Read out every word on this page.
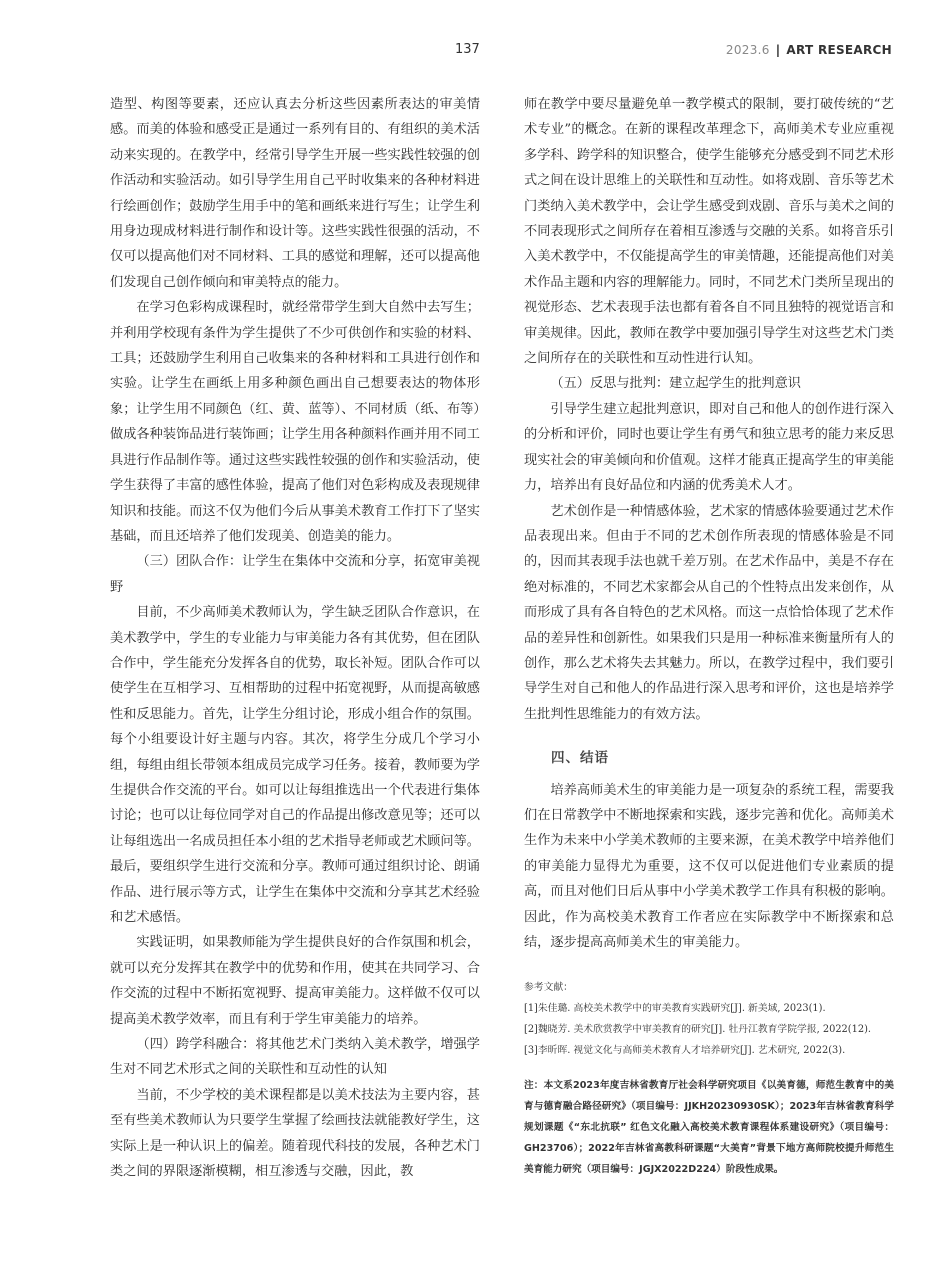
137	2023.6 | ART RESEARCH

造型、构图等要素，还应认真去分析这些因素所表达的审美情感。而美的体验和感受正是通过一系列有目的、有组织的美术活动来实现的。在教学中，经常引导学生开展一些实践性较强的创作活动和实验活动。如引导学生用自己平时收集来的各种材料进行绘画创作；鼓励学生用手中的笔和画纸来进行写生；让学生利用身边现成材料进行制作和设计等。这些实践性很强的活动，不仅可以提高他们对不同材料、工具的感觉和理解，还可以提高他们发现自己创作倾向和审美特点的能力。

在学习色彩构成课程时，就经常带学生到大自然中去写生；并利用学校现有条件为学生提供了不少可供创作和实验的材料、工具；还鼓励学生利用自己收集来的各种材料和工具进行创作和实验。让学生在画纸上用多种颜色画出自己想要表达的物体形象；让学生用不同颜色（红、黄、蓝等）、不同材质（纸、布等）做成各种装饰品进行装饰画；让学生用各种颜料作画并用不同工具进行作品制作等。通过这些实践性较强的创作和实验活动，使学生获得了丰富的感性体验，提高了他们对色彩构成及表现规律知识和技能。而这不仅为他们今后从事美术教育工作打下了坚实基础，而且还培养了他们发现美、创造美的能力。

（三）团队合作：让学生在集体中交流和分享，拓宽审美视野

目前，不少高师美术教师认为，学生缺乏团队合作意识，在美术教学中，学生的专业能力与审美能力各有其优势，但在团队合作中，学生能充分发挥各自的优势，取长补短。团队合作可以使学生在互相学习、互相帮助的过程中拓宽视野，从而提高敏感性和反思能力。首先，让学生分组讨论，形成小组合作的氛围。每个小组要设计好主题与内容。其次，将学生分成几个学习小组，每组由组长带领本组成员完成学习任务。接着，教师要为学生提供合作交流的平台。如可以让每组推选出一个代表进行集体讨论；也可以让每位同学对自己的作品提出修改意见等；还可以让每组选出一名成员担任本小组的艺术指导老师或艺术顾问等。最后，要组织学生进行交流和分享。教师可通过组织讨论、朗诵作品、进行展示等方式，让学生在集体中交流和分享其艺术经验和艺术感悟。

实践证明，如果教师能为学生提供良好的合作氛围和机会，就可以充分发挥其在教学中的优势和作用，使其在共同学习、合作交流的过程中不断拓宽视野、提高审美能力。这样做不仅可以提高美术教学效率，而且有利于学生审美能力的培养。

（四）跨学科融合：将其他艺术门类纳入美术教学，增强学生对不同艺术形式之间的关联性和互动性的认知

当前，不少学校的美术课程都是以美术技法为主要内容，甚至有些美术教师认为只要学生掌握了绘画技法就能教好学生，这实际上是一种认识上的偏差。随着现代科技的发展，各种艺术门类之间的界限逐渐模糊，相互渗透与交融，因此，教

师在教学中要尽量避免单一教学模式的限制，要打破传统的“艺术专业”的概念。在新的课程改革理念下，高师美术专业应重视多学科、跨学科的知识整合，使学生能够充分感受到不同艺术形式之间在设计思维上的关联性和互动性。如将戏剧、音乐等艺术门类纳入美术教学中，会让学生感受到戏剧、音乐与美术之间的不同表现形式之间所存在着相互渗透与交融的关系。如将音乐引入美术教学中，不仅能提高学生的审美情趣，还能提高他们对美术作品主题和内容的理解能力。同时，不同艺术门类所呈现出的视觉形态、艺术表现手法也都有着各自不同且独特的视觉语言和审美规律。因此，教师在教学中要加强引导学生对这些艺术门类之间所存在的关联性和互动性进行认知。

（五）反思与批判：建立起学生的批判意识

引导学生建立起批判意识，即对自己和他人的创作进行深入的分析和评价，同时也要让学生有勇气和独立思考的能力来反思现实社会的审美倾向和价值观。这样才能真正提高学生的审美能力，培养出有良好品位和内涵的优秀美术人才。

艺术创作是一种情感体验，艺术家的情感体验要通过艺术作品表现出来。但由于不同的艺术创作所表现的情感体验是不同的，因而其表现手法也就千差万别。在艺术作品中，美是不存在绝对标准的，不同艺术家都会从自己的个性特点出发来创作，从而形成了具有各自特色的艺术风格。而这一点恰恰体现了艺术作品的差异性和创新性。如果我们只是用一种标准来衡量所有人的创作，那么艺术将失去其魅力。所以，在教学过程中，我们要引导学生对自己和他人的作品进行深入思考和评价，这也是培养学生批判性思维能力的有效方法。

四、结语

培养高师美术生的审美能力是一项复杂的系统工程，需要我们在日常教学中不断地探索和实践，逐步完善和优化。高师美术生作为未来中小学美术教师的主要来源，在美术教学中培养他们的审美能力显得尤为重要，这不仅可以促进他们专业素质的提高，而且对他们日后从事中小学美术教学工作具有积极的影响。因此，作为高校美术教育工作者应在实际教学中不断探索和总结，逐步提高高师美术生的审美能力。

参考文献：

[1]朱佳璐. 高校美术教学中的审美教育实践研究[J]. 新美域, 2023(1).

[2]魏晓芳. 美术欣赏教学中审美教育的研究[J]. 牡丹江教育学院学报, 2022(12).

[3]李昕晖. 视觉文化与高师美术教育人才培养研究[J]. 艺术研究, 2022(3).

注：本文系2023年度吉林省教育厅社会科学研究项目《以美育德，师范生教育中的美育与德育融合路径研究》（项目编号：JJKH20230930SK）；2023年吉林省教育科学规划课题《“东北抗联” 红色文化融入高校美术教育课程体系建设研究》（项目编号：GH23706）；2022年吉林省高教科研课题“大美育”背景下地方高师院校提升师范生美育能力研究（项目编号：JGJX2022D224）阶段性成果。
